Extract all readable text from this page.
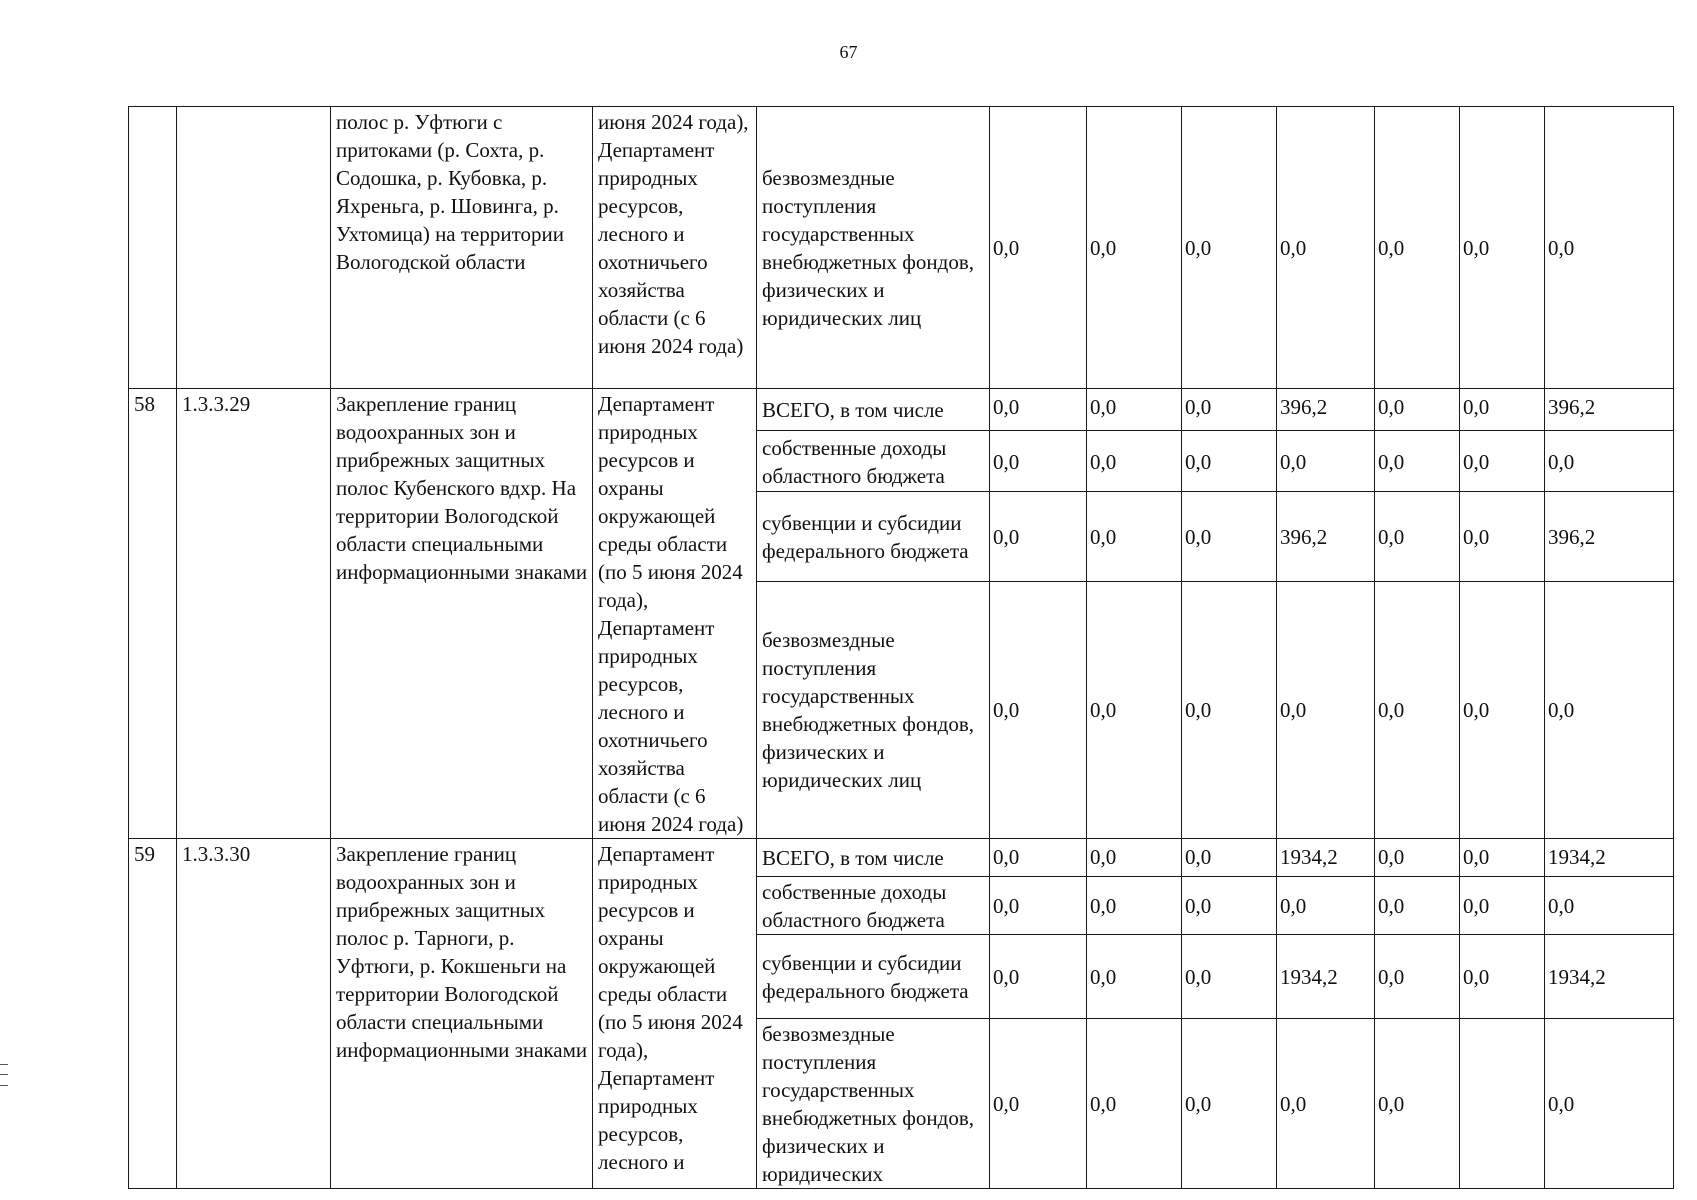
67
		полос р. Уфтюги с притоками (р. Сохта, р. Содошка, р. Кубовка, р. Яхреньга, р. Шовинга, р. Ухтомица) на территории Вологодской области	июня 2024 года), Департамент природных ресурсов, лесного и охотничьего хозяйства области (с 6 июня 2024 года)	безвозмездные поступления государственных внебюджетных фондов, физических и юридических лиц	0,0	0,0	0,0	0,0	0,0	0,0	0,0
58	1.3.3.29	Закрепление границ водоохранных зон и прибрежных защитных полос Кубенского вдхр. На территории Вологодской области специальными информационными знаками	Департамент природных ресурсов и охраны окружающей среды области (по 5 июня 2024 года), Департамент природных ресурсов, лесного и охотничьего хозяйства области (с 6 июня 2024 года)	ВСЕГО, в том числе	0,0	0,0	0,0	396,2	0,0	0,0	396,2
				собственные доходы областного бюджета	0,0	0,0	0,0	0,0	0,0	0,0	0,0
				субвенции и субсидии федерального бюджета	0,0	0,0	0,0	396,2	0,0	0,0	396,2
				безвозмездные поступления государственных внебюджетных фондов, физических и юридических лиц	0,0	0,0	0,0	0,0	0,0	0,0	0,0
59	1.3.3.30	Закрепление границ водоохранных зон и прибрежных защитных полос р. Тарноги, р. Уфтюги, р. Кокшеньги на территории Вологодской области специальными информационными знаками	Департамент природных ресурсов и охраны окружающей среды области (по 5 июня 2024 года), Департамент природных ресурсов, лесного и	ВСЕГО, в том числе	0,0	0,0	0,0	1934,2	0,0	0,0	1934,2
				собственные доходы областного бюджета	0,0	0,0	0,0	0,0	0,0	0,0	0,0
				субвенции и субсидии федерального бюджета	0,0	0,0	0,0	1934,2	0,0	0,0	1934,2
				безвозмездные поступления государственных внебюджетных фондов, физических и юридических	0,0	0,0	0,0	0,0	0,0		0,0
